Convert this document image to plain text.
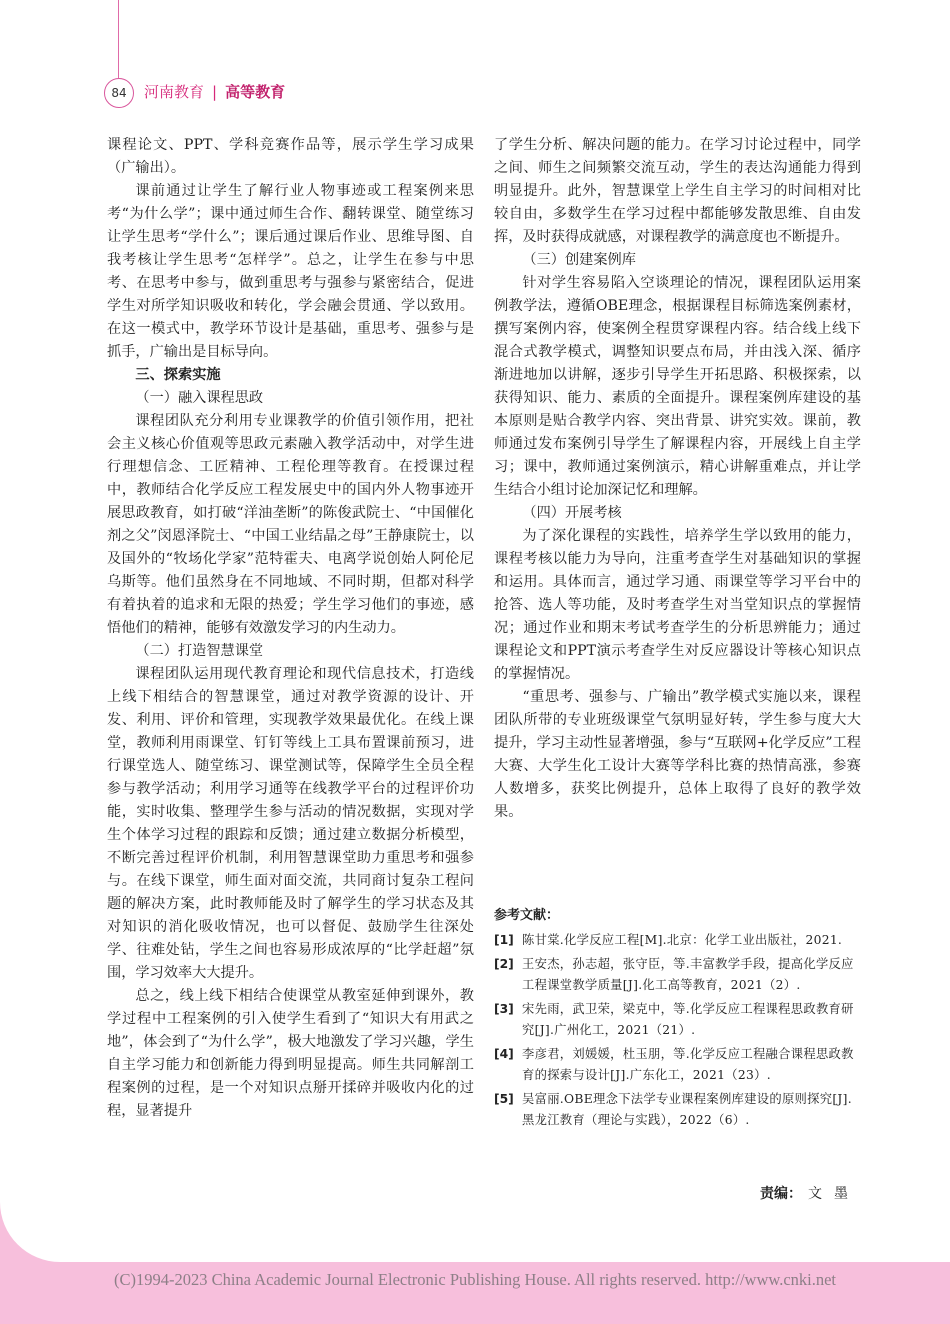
84	河南教育 | 高等教育

课程论文、PPT、学科竞赛作品等，展示学生学习成果（广输出）。

课前通过让学生了解行业人物事迹或工程案例来思考“为什么学”；课中通过师生合作、翻转课堂、随堂练习让学生思考“学什么”；课后通过课后作业、思维导图、自我考核让学生思考“怎样学”。总之，让学生在参与中思考、在思考中参与，做到重思考与强参与紧密结合，促进学生对所学知识吸收和转化，学会融会贯通、学以致用。在这一模式中，教学环节设计是基础，重思考、强参与是抓手，广输出是目标导向。

三、探索实施
（一）融入课程思政

课程团队充分利用专业课教学的价值引领作用，把社会主义核心价值观等思政元素融入教学活动中，对学生进行理想信念、工匠精神、工程伦理等教育。在授课过程中，教师结合化学反应工程发展史中的国内外人物事迹开展思政教育，如打破“洋油垄断”的陈俊武院士、“中国催化剂之父”闵恩泽院士、“中国工业结晶之母”王静康院士，以及国外的“牧场化学家”范特霍夫、电离学说创始人阿伦尼乌斯等。他们虽然身在不同地域、不同时期，但都对科学有着执着的追求和无限的热爱；学生学习他们的事迹，感悟他们的精神，能够有效激发学习的内生动力。

（二）打造智慧课堂

课程团队运用现代教育理论和现代信息技术，打造线上线下相结合的智慧课堂，通过对教学资源的设计、开发、利用、评价和管理，实现教学效果最优化。在线上课堂，教师利用雨课堂、钉钉等线上工具布置课前预习，进行课堂选人、随堂练习、课堂测试等，保障学生全员全程参与教学活动；利用学习通等在线教学平台的过程评价功能，实时收集、整理学生参与活动的情况数据，实现对学生个体学习过程的跟踪和反馈；通过建立数据分析模型，不断完善过程评价机制，利用智慧课堂助力重思考和强参与。在线下课堂，师生面对面交流，共同商讨复杂工程问题的解决方案，此时教师能及时了解学生的学习状态及其对知识的消化吸收情况，也可以督促、鼓励学生往深处学、往难处钻，学生之间也容易形成浓厚的“比学赶超”氛围，学习效率大大提升。

总之，线上线下相结合使课堂从教室延伸到课外，教学过程中工程案例的引入使学生看到了“知识大有用武之地”，体会到了“为什么学”，极大地激发了学习兴趣，学生自主学习能力和创新能力得到明显提高。师生共同解剖工程案例的过程，是一个对知识点掰开揉碎并吸收内化的过程，显著提升

了学生分析、解决问题的能力。在学习讨论过程中，同学之间、师生之间频繁交流互动，学生的表达沟通能力得到明显提升。此外，智慧课堂上学生自主学习的时间相对比较自由，多数学生在学习过程中都能够发散思维、自由发挥，及时获得成就感，对课程教学的满意度也不断提升。

（三）创建案例库

针对学生容易陷入空谈理论的情况，课程团队运用案例教学法，遵循OBE理念，根据课程目标筛选案例素材，撰写案例内容，使案例全程贯穿课程内容。结合线上线下混合式教学模式，调整知识要点布局，并由浅入深、循序渐进地加以讲解，逐步引导学生开拓思路、积极探索，以获得知识、能力、素质的全面提升。课程案例库建设的基本原则是贴合教学内容、突出背景、讲究实效。课前，教师通过发布案例引导学生了解课程内容，开展线上自主学习；课中，教师通过案例演示，精心讲解重难点，并让学生结合小组讨论加深记忆和理解。

（四）开展考核

为了深化课程的实践性，培养学生学以致用的能力，课程考核以能力为导向，注重考查学生对基础知识的掌握和运用。具体而言，通过学习通、雨课堂等学习平台中的抢答、选人等功能，及时考查学生对当堂知识点的掌握情况；通过作业和期末考试考查学生的分析思辨能力；通过课程论文和PPT演示考查学生对反应器设计等核心知识点的掌握情况。

“重思考、强参与、广输出”教学模式实施以来，课程团队所带的专业班级课堂气氛明显好转，学生参与度大大提升，学习主动性显著增强，参与“互联网+化学反应”工程大赛、大学生化工设计大赛等学科比赛的热情高涨，参赛人数增多，获奖比例提升，总体上取得了良好的教学效果。

参考文献：
[1] 陈甘棠.化学反应工程[M].北京：化学工业出版社，2021.
[2] 王安杰，孙志超，张守臣，等.丰富教学手段，提高化学反应工程课堂教学质量[J].化工高等教育，2021（2）.
[3] 宋先雨，武卫荣，梁克中，等.化学反应工程课程思政教育研究[J].广州化工，2021（21）.
[4] 李彦君，刘媛媛，杜玉朋，等.化学反应工程融合课程思政教育的探索与设计[J].广东化工，2021（23）.
[5] 吴富丽.OBE理念下法学专业课程案例库建设的原则探究[J].黑龙江教育（理论与实践），2022（6）.
责编： 文墨
(C)1994-2023 China Academic Journal Electronic Publishing House. All rights reserved. http://www.cnki.net
